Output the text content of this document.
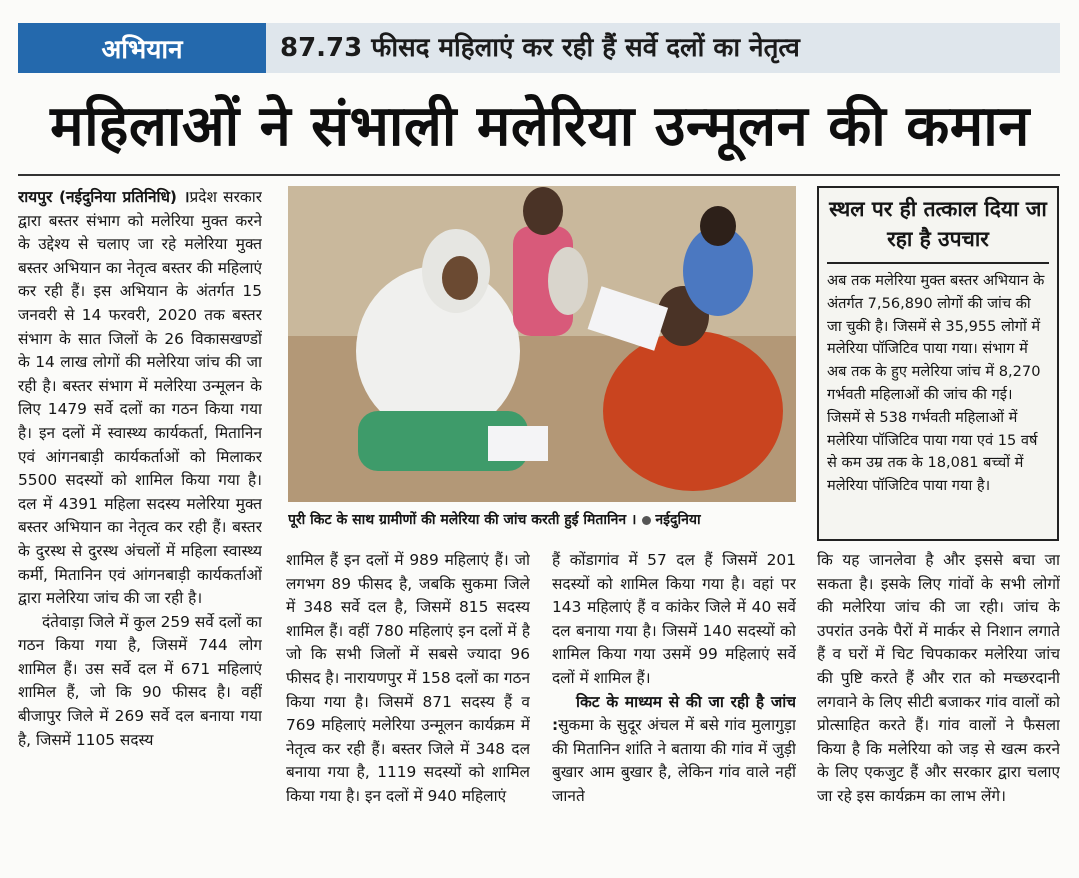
अभियान	87.73 फीसद महिलाएं कर रही हैं सर्वे दलों का नेतृत्व
महिलाओं ने संभाली मलेरिया उन्मूलन की कमान

रायपुर (नईदुनिया प्रतिनिधि) ।प्रदेश सरकार द्वारा बस्तर संभाग को मलेरिया मुक्त करने के उद्देश्य से चलाए जा रहे मलेरिया मुक्त बस्तर अभियान का नेतृत्व बस्तर की महिलाएं कर रही हैं। इस अभियान के अंतर्गत 15 जनवरी से 14 फरवरी, 2020 तक बस्तर संभाग के सात जिलों के 26 विकासखण्डों के 14 लाख लोगों की मलेरिया जांच की जा रही है। बस्तर संभाग में मलेरिया उन्मूलन के लिए 1479 सर्वे दलों का गठन किया गया है। इन दलों में स्वास्थ्य कार्यकर्ता, मितानिन एवं आंगनबाड़ी कार्यकर्ताओं को मिलाकर 5500 सदस्यों को शामिल किया गया है। दल में 4391 महिला सदस्य मलेरिया मुक्त बस्तर अभियान का नेतृत्व कर रही हैं। बस्तर के दुरस्थ से दुरस्थ अंचलों में महिला स्वास्थ्य कर्मी, मितानिन एवं आंगनबाड़ी कार्यकर्ताओं द्वारा मलेरिया जांच की जा रही है।

दंतेवाड़ा जिले में कुल 259 सर्वे दलों का गठन किया गया है, जिसमें 744 लोग शामिल हैं। उस सर्वे दल में 671 महिलाएं शामिल हैं, जो कि 90 फीसद है। वहीं बीजापुर जिले में 269 सर्वे दल बनाया गया है, जिसमें 1105 सदस्य

पूरी किट के साथ ग्रामीणों की मलेरिया की जांच करती हुई मितानिन । नईदुनिया
स्थल पर ही तत्काल दिया जा रहा है उपचार
अब तक मलेरिया मुक्त बस्तर अभियान के अंतर्गत 7,56,890 लोगों की जांच की जा चुकी है। जिसमें से 35,955 लोगों में मलेरिया पॉजिटिव पाया गया। संभाग में अब तक के हुए मलेरिया जांच में 8,270 गर्भवती महिलाओं की जांच की गई। जिसमें से 538 गर्भवती महिलाओं में मलेरिया पॉजिटिव पाया गया एवं 15 वर्ष से कम उम्र तक के 18,081 बच्चों में मलेरिया पॉजिटिव पाया गया है।

शामिल हैं इन दलों में 989 महिलाएं हैं। जो लगभग 89 फीसद है, जबकि सुकमा जिले में 348 सर्वे दल है, जिसमें 815 सदस्य शामिल हैं। वहीं 780 महिलाएं इन दलों में है जो कि सभी जिलों में सबसे ज्यादा 96 फीसद है। नारायणपुर में 158 दलों का गठन किया गया है। जिसमें 871 सदस्य हैं व 769 महिलाएं मलेरिया उन्मूलन कार्यक्रम में नेतृत्व कर रही हैं। बस्तर जिले में 348 दल बनाया गया है, 1119 सदस्यों को शामिल किया गया है। इन दलों में 940 महिलाएं

हैं कोंडागांव में 57 दल हैं जिसमें 201 सदस्यों को शामिल किया गया है। वहां पर 143 महिलाएं हैं व कांकेर जिले में 40 सर्वे दल बनाया गया है। जिसमें 140 सदस्यों को शामिल किया गया उसमें 99 महिलाएं सर्वे दलों में शामिल हैं।

किट के माध्यम से की जा रही है जांच :सुकमा के सुदूर अंचल में बसे गांव मुलागुड़ा की मितानिन शांति ने बताया की गांव में जुड़ी बुखार आम बुखार है, लेकिन गांव वाले नहीं जानते

कि यह जानलेवा है और इससे बचा जा सकता है। इसके लिए गांवों के सभी लोगों की मलेरिया जांच की जा रही। जांच के उपरांत उनके पैरों में मार्कर से निशान लगाते हैं व घरों में चिट चिपकाकर मलेरिया जांच की पुष्टि करते हैं और रात को मच्छरदानी लगवाने के लिए सीटी बजाकर गांव वालों को प्रोत्साहित करते हैं। गांव वालों ने फैसला किया है कि मलेरिया को जड़ से खत्म करने के लिए एकजुट हैं और सरकार द्वारा चलाए जा रहे इस कार्यक्रम का लाभ लेंगे।
